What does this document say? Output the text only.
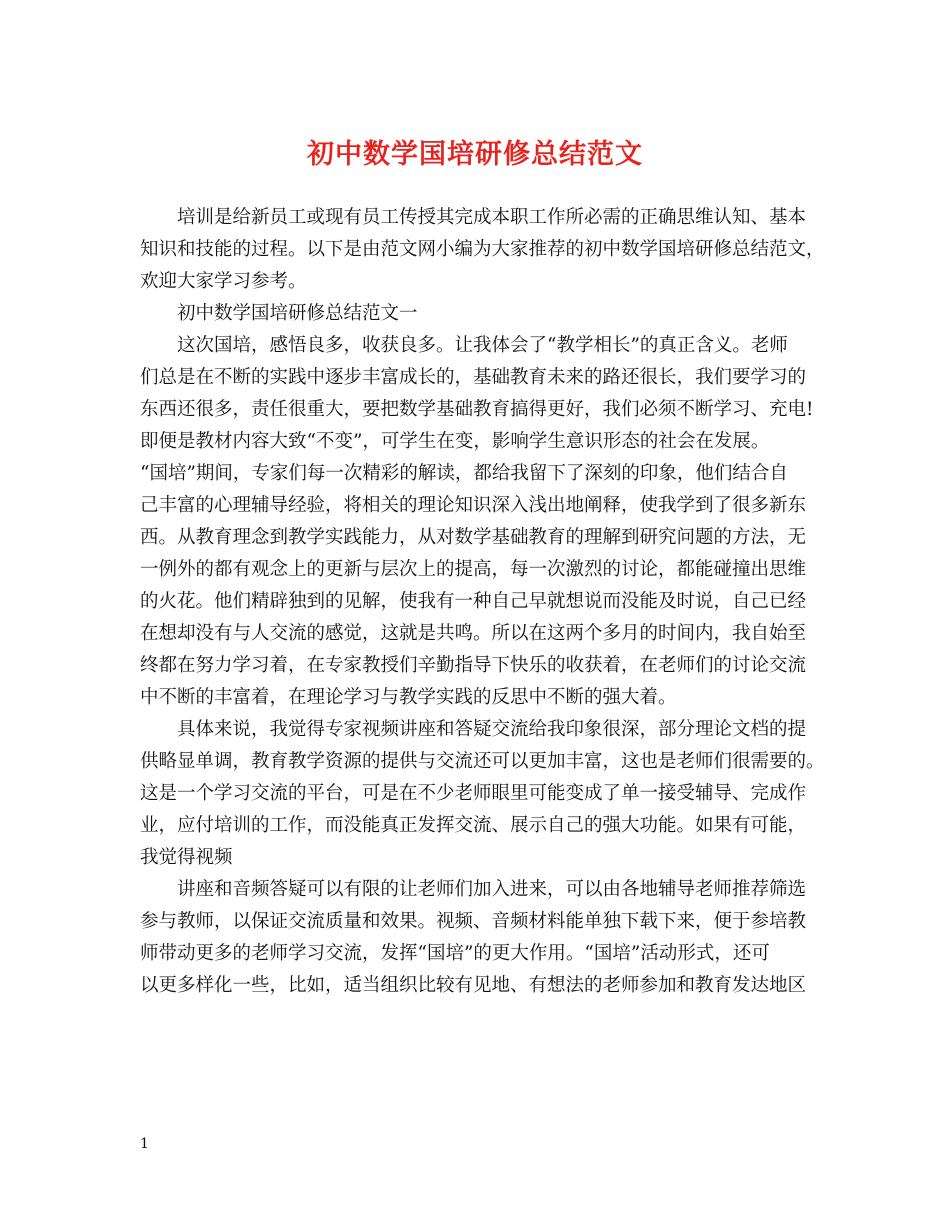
初中数学国培研修总结范文
培训是给新员工或现有员工传授其完成本职工作所必需的正确思维认知、基本
知识和技能的过程。以下是由范文网小编为大家推荐的初中数学国培研修总结范文，
欢迎大家学习参考。
初中数学国培研修总结范文一
这次国培，感悟良多，收获良多。让我体会了“教学相长”的真正含义。老师
们总是在不断的实践中逐步丰富成长的，基础教育未来的路还很长，我们要学习的
东西还很多，责任很重大，要把数学基础教育搞得更好，我们必须不断学习、充电!
即便是教材内容大致“不变”，可学生在变，影响学生意识形态的社会在发展。
“国培”期间，专家们每一次精彩的解读，都给我留下了深刻的印象，他们结合自
己丰富的心理辅导经验，将相关的理论知识深入浅出地阐释，使我学到了很多新东
西。从教育理念到教学实践能力，从对数学基础教育的理解到研究问题的方法，无
一例外的都有观念上的更新与层次上的提高，每一次激烈的讨论，都能碰撞出思维
的火花。他们精辟独到的见解，使我有一种自己早就想说而没能及时说，自己已经
在想却没有与人交流的感觉，这就是共鸣。所以在这两个多月的时间内，我自始至
终都在努力学习着，在专家教授们辛勤指导下快乐的收获着，在老师们的讨论交流
中不断的丰富着，在理论学习与教学实践的反思中不断的强大着。
具体来说，我觉得专家视频讲座和答疑交流给我印象很深，部分理论文档的提
供略显单调，教育教学资源的提供与交流还可以更加丰富，这也是老师们很需要的。
这是一个学习交流的平台，可是在不少老师眼里可能变成了单一接受辅导、完成作
业，应付培训的工作，而没能真正发挥交流、展示自己的强大功能。如果有可能，
我觉得视频
讲座和音频答疑可以有限的让老师们加入进来，可以由各地辅导老师推荐筛选
参与教师，以保证交流质量和效果。视频、音频材料能单独下载下来，便于参培教
师带动更多的老师学习交流，发挥“国培”的更大作用。“国培”活动形式，还可
以更多样化一些，比如，适当组织比较有见地、有想法的老师参加和教育发达地区
1
